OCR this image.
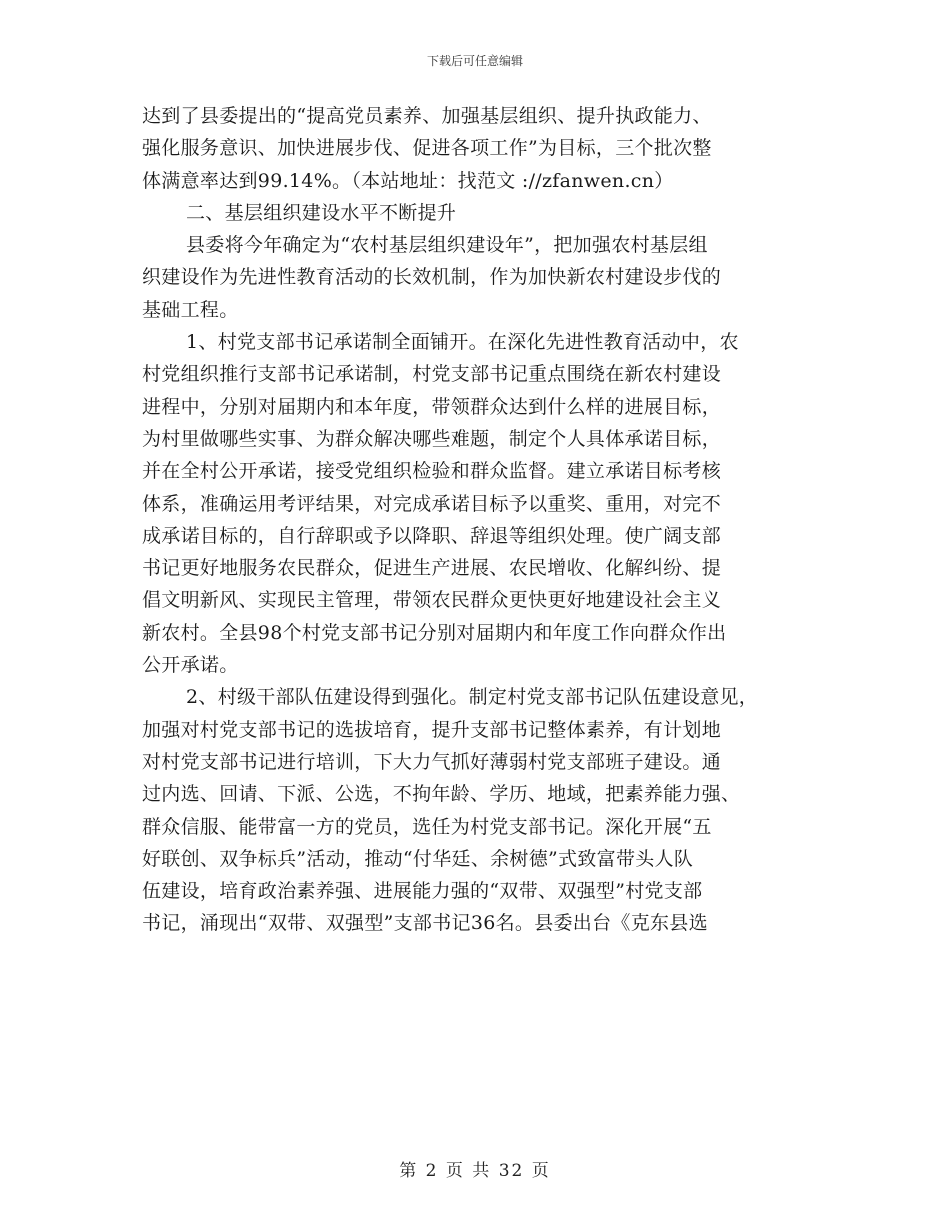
下载后可任意编辑
达到了县委提出的“提高党员素养、加强基层组织、提升执政能力、
强化服务意识、加快进展步伐、促进各项工作”为目标，三个批次整
体满意率达到99.14%。（本站地址：找范文 ://zfanwen.cn）
二、基层组织建设水平不断提升
县委将今年确定为“农村基层组织建设年”，把加强农村基层组
织建设作为先进性教育活动的长效机制，作为加快新农村建设步伐的
基础工程。
1、村党支部书记承诺制全面铺开。在深化先进性教育活动中，农
村党组织推行支部书记承诺制，村党支部书记重点围绕在新农村建设
进程中，分别对届期内和本年度，带领群众达到什么样的进展目标，
为村里做哪些实事、为群众解决哪些难题，制定个人具体承诺目标，
并在全村公开承诺，接受党组织检验和群众监督。建立承诺目标考核
体系，准确运用考评结果，对完成承诺目标予以重奖、重用，对完不
成承诺目标的，自行辞职或予以降职、辞退等组织处理。使广阔支部
书记更好地服务农民群众，促进生产进展、农民增收、化解纠纷、提
倡文明新风、实现民主管理，带领农民群众更快更好地建设社会主义
新农村。全县98个村党支部书记分别对届期内和年度工作向群众作出
公开承诺。
2、村级干部队伍建设得到强化。制定村党支部书记队伍建设意见，
加强对村党支部书记的选拔培育，提升支部书记整体素养，有计划地
对村党支部书记进行培训，下大力气抓好薄弱村党支部班子建设。通
过内选、回请、下派、公选，不拘年龄、学历、地域，把素养能力强、
群众信服、能带富一方的党员，选任为村党支部书记。深化开展“五
好联创、双争标兵”活动，推动“付华廷、余树德”式致富带头人队
伍建设，培育政治素养强、进展能力强的“双带、双强型”村党支部
书记，涌现出“双带、双强型”支部书记36名。县委出台《克东县选
第 2 页 共 32 页
